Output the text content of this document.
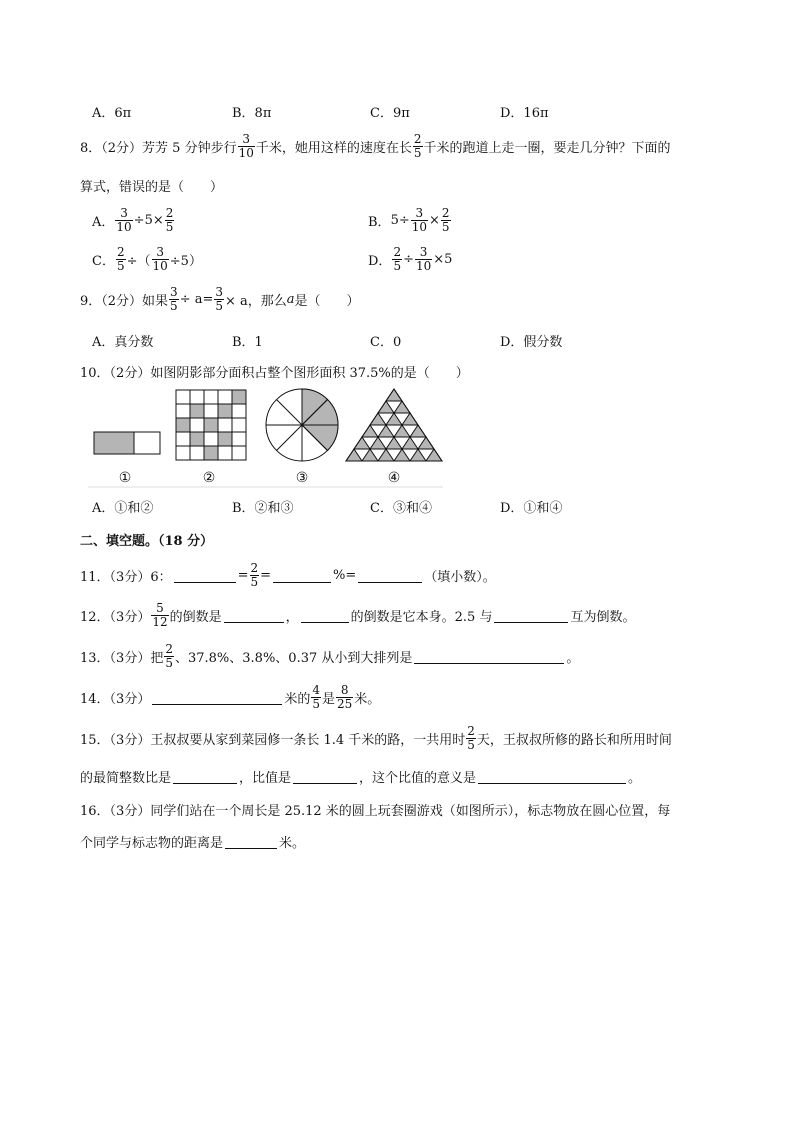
A．6π	B．8π	C．9π	D．16π
8．（2分）芳芳 5 分钟步行 $\frac{3}{10}$ 千米，她用这样的速度在长 $\frac{2}{5}$ 千米的跑道上走一圈，要走几分钟？下面的
算式，错误的是（　　）
A． $\frac{3}{10} \div 5\times \frac{2}{5}$	B． $5\div \frac{3}{10} \times \frac{2}{5}$
C． $\frac{2}{5}$ ÷（ $\frac{3}{10} \div 5$）	D． $\frac{2}{5} \div \frac{3}{10} \times 5$
9．（2分）如果 $\frac{3}{5} \div a= \frac{3}{5} \times a$，那么 a 是（　　）
A．真分数	B．1	C．0	D．假分数
10．（2分）如图阴影部分面积占整个图形面积 37.5%的是（　　）
①	②	③	④
A．①和②	B．②和③	C．③和④	D．①和④
二、填空题。（18 分）
11．（3分）6：	= $\frac{2}{5}$ =	%=	（填小数）。
12．（3分） $\frac{5}{12}$ 的倒数是	，	的倒数是它本身。2.5 与	互为倒数。
13．（3分）把 $\frac{2}{5}$ 、37.8%、3.8%、0.37 从小到大排列是	。
14．（3分）	米的 $\frac{4}{5}$ 是 $\frac{8}{25}$ 米。
15．（3分）王叔叔要从家到菜园修一条长 1.4 千米的路，一共用时 $\frac{2}{5}$ 天，王叔叔所修的路长和所用时间
的最简整数比是	，比值是	，这个比值的意义是	。
16．（3分）同学们站在一个周长是 25.12 米的圆上玩套圈游戏（如图所示），标志物放在圆心位置，每
个同学与标志物的距离是	米。
